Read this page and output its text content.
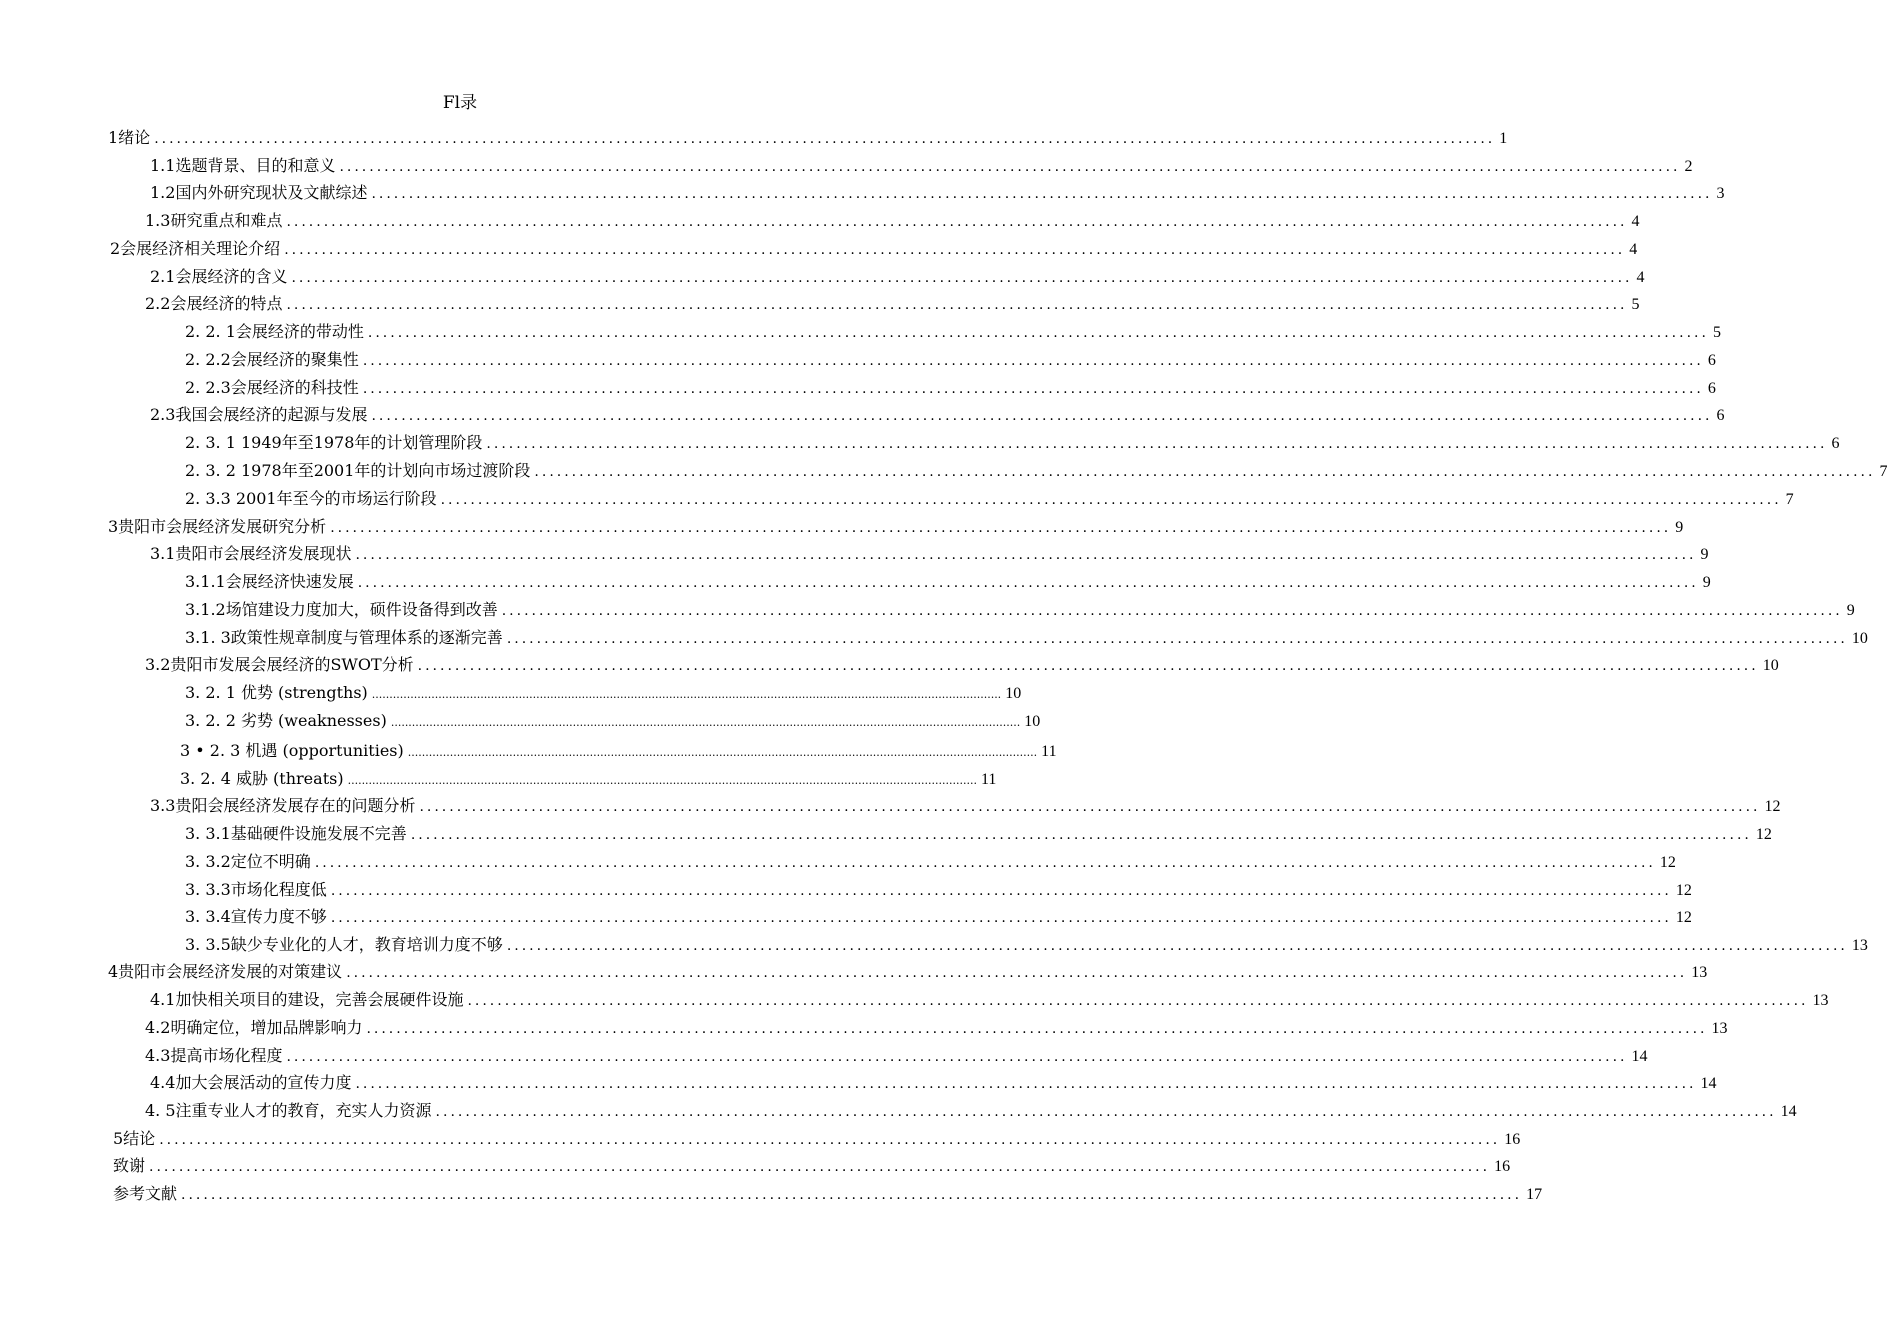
Fl录
1绪论 .................................................................................................................................................................................... 1
1.1选题背景、目的和意义 .................................................................................................................................................................................... 2
1.2国内外研究现状及文献综述 .................................................................................................................................................................................... 3
1.3研究重点和难点 .................................................................................................................................................................................... 4
2会展经济相关理论介绍 .................................................................................................................................................................................... 4
2.1会展经济的含义 .................................................................................................................................................................................... 4
2.2会展经济的特点 .................................................................................................................................................................................... 5
2. 2. 1会展经济的带动性 .................................................................................................................................................................................... 5
2. 2.2会展经济的聚集性 .................................................................................................................................................................................... 6
2. 2.3会展经济的科技性 .................................................................................................................................................................................... 6
2.3我国会展经济的起源与发展 .................................................................................................................................................................................... 6
2. 3. 1 1949年至1978年的计划管理阶段 .................................................................................................................................................................................... 6
2. 3. 2 1978年至2001年的计划向市场过渡阶段 .................................................................................................................................................................................... 7
2. 3.3 2001年至今的市场运行阶段 .................................................................................................................................................................................... 7
3贵阳市会展经济发展研究分析 .................................................................................................................................................................................... 9
3.1贵阳市会展经济发展现状 .................................................................................................................................................................................... 9
3.1.1会展经济快速发展 .................................................................................................................................................................................... 9
3.1.2场馆建设力度加大，硕件设备得到改善 .................................................................................................................................................................................... 9
3.1. 3政策性规章制度与管理体系的逐渐完善 .................................................................................................................................................................................... 10
3.2贵阳市发展会展经济的SWOT分析 .................................................................................................................................................................................... 10
3. 2. 1 优势 (strengths) .................................................................................................................................................................................... 10
3. 2. 2 劣势 (weaknesses) .................................................................................................................................................................................... 10
3 • 2. 3 机遇 (opportunities) .................................................................................................................................................................................... 11
3. 2. 4 威胁 (threats) .................................................................................................................................................................................... 11
3.3贵阳会展经济发展存在的问题分析 .................................................................................................................................................................................... 12
3. 3.1基础硬件设施发展不完善 .................................................................................................................................................................................... 12
3. 3.2定位不明确 .................................................................................................................................................................................... 12
3. 3.3市场化程度低 .................................................................................................................................................................................... 12
3. 3.4宣传力度不够 .................................................................................................................................................................................... 12
3. 3.5缺少专业化的人才，教育培训力度不够 .................................................................................................................................................................................... 13
4贵阳市会展经济发展的对策建议 .................................................................................................................................................................................... 13
4.1加快相关项目的建设，完善会展硬件设施 .................................................................................................................................................................................... 13
4.2明确定位，增加品牌影响力 .................................................................................................................................................................................... 13
4.3提高市场化程度 .................................................................................................................................................................................... 14
4.4加大会展活动的宣传力度 .................................................................................................................................................................................... 14
4. 5注重专业人才的教育，充实人力资源 .................................................................................................................................................................................... 14
5结论 .................................................................................................................................................................................... 16
致谢 .................................................................................................................................................................................... 16
参考文献 .................................................................................................................................................................................... 17
